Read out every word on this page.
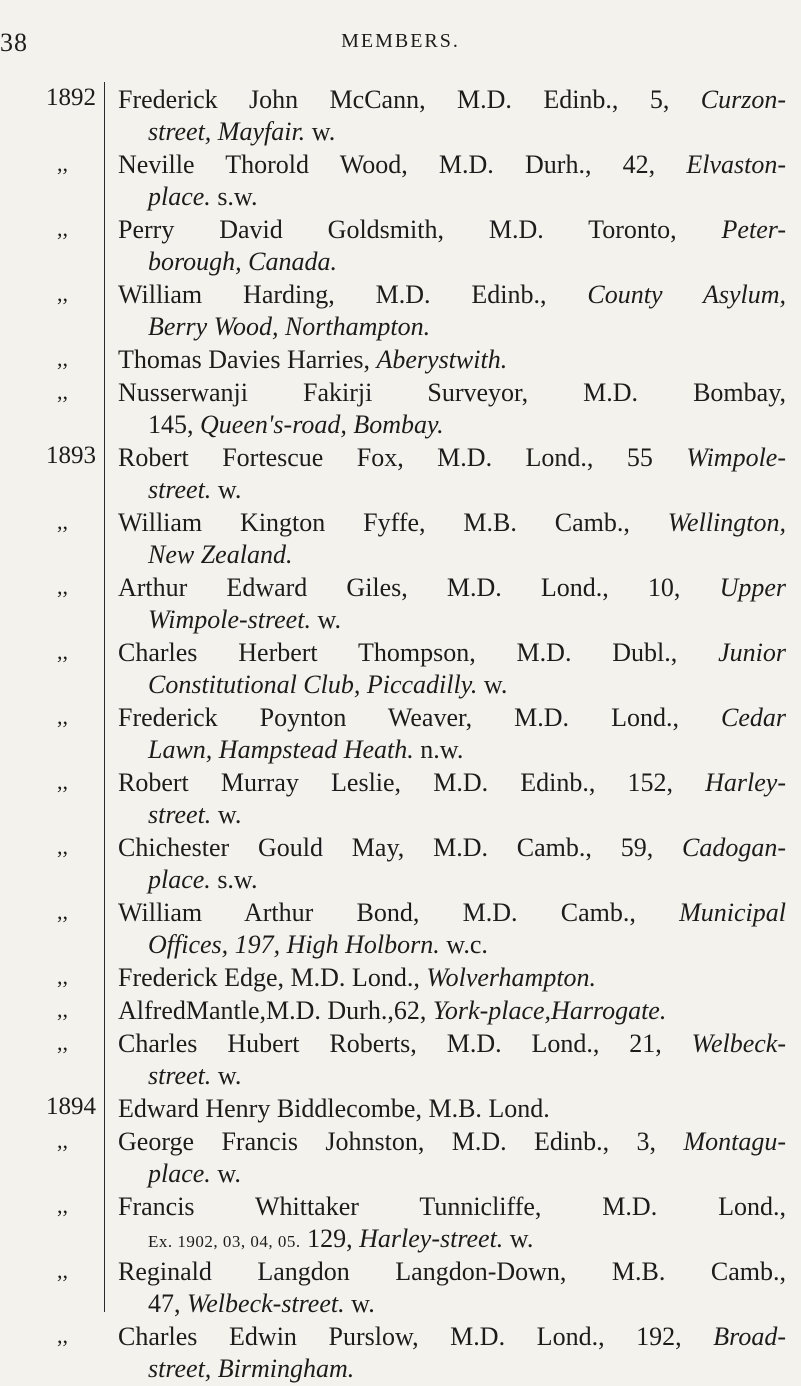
38	MEMBERS.
1892 Frederick John McCann, M.D. Edinb., 5, Curzon-
street, Mayfair. w.
,, Neville Thorold Wood, M.D. Durh., 42, Elvaston-
place. s.w.
,, Perry David Goldsmith, M.D. Toronto, Peter-
borough, Canada.
,, William Harding, M.D. Edinb., County Asylum,
Berry Wood, Northampton.
,, Thomas Davies Harries, Aberystwith.
,, Nusserwanji Fakirji Surveyor, M.D. Bombay,
145, Queen's-road, Bombay.
1893 Robert Fortescue Fox, M.D. Lond., 55 Wimpole-
street. w.
,, William Kington Fyffe, M.B. Camb., Wellington,
New Zealand.
,, Arthur Edward Giles, M.D. Lond., 10, Upper
Wimpole-street. w.
,, Charles Herbert Thompson, M.D. Dubl., Junior
Constitutional Club, Piccadilly. w.
,, Frederick Poynton Weaver, M.D. Lond., Cedar
Lawn, Hampstead Heath. n.w.
,, Robert Murray Leslie, M.D. Edinb., 152, Harley-
street. w.
,, Chichester Gould May, M.D. Camb., 59, Cadogan-
place. s.w.
,, William Arthur Bond, M.D. Camb., Municipal
Offices, 197, High Holborn. w.c.
,, Frederick Edge, M.D. Lond., Wolverhampton.
,, AlfredMantle,M.D. Durh.,62, York-place,Harrogate.
,, Charles Hubert Roberts, M.D. Lond., 21, Welbeck-
street. w.
1894 Edward Henry Biddlecombe, M.B. Lond.
,, George Francis Johnston, M.D. Edinb., 3, Montagu-
place. w.
,, Francis Whittaker Tunnicliffe, M.D. Lond.,
Ex. 1902, 03, 04, 05. 129, Harley-street. w.
,, Reginald Langdon Langdon-Down, M.B. Camb.,
47, Welbeck-street. w.
,, Charles Edwin Purslow, M.D. Lond., 192, Broad-
street, Birmingham.
